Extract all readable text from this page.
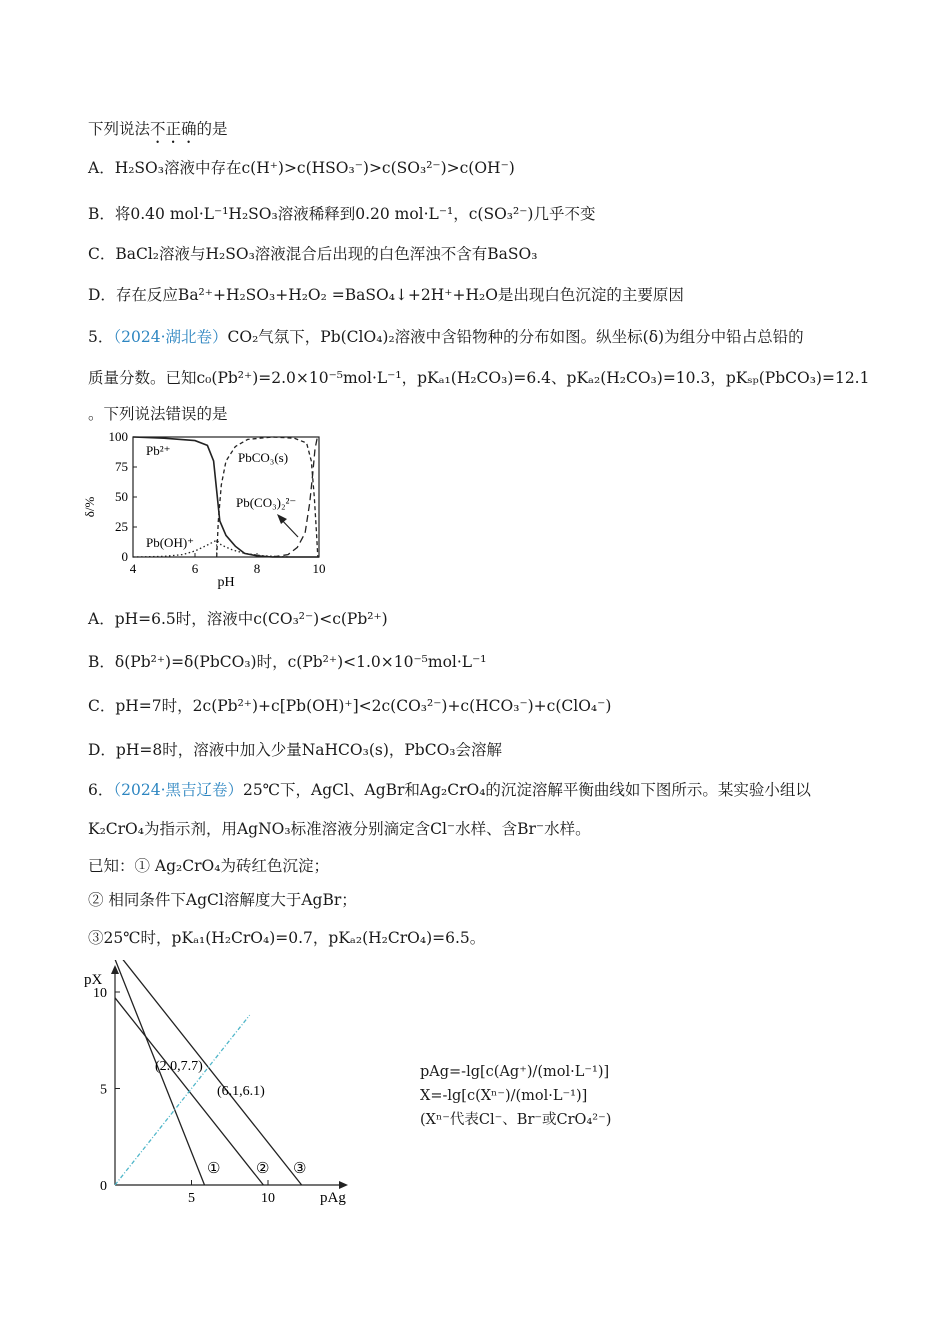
下列说法不正确的是
A．H₂SO₃溶液中存在c(H⁺)>c(HSO₃⁻)>c(SO₃²⁻)>c(OH⁻)
B．将0.40 mol·L⁻¹H₂SO₃溶液稀释到0.20 mol·L⁻¹，c(SO₃²⁻)几乎不变
C．BaCl₂溶液与H₂SO₃溶液混合后出现的白色浑浊不含有BaSO₃
D．存在反应Ba²⁺+H₂SO₃+H₂O₂ =BaSO₄↓+2H⁺+H₂O是出现白色沉淀的主要原因
5．（2024·湖北卷）CO₂气氛下，Pb(ClO₄)₂溶液中含铅物种的分布如图。纵坐标(δ)为组分中铅占总铅的
质量分数。已知c₀(Pb²⁺)=2.0×10⁻⁵mol·L⁻¹，pKₐ₁(H₂CO₃)=6.4、pKₐ₂(H₂CO₃)=10.3，pKₛₚ(PbCO₃)=12.1
。下列说法错误的是
A．pH=6.5时，溶液中c(CO₃²⁻)<c(Pb²⁺)
B．δ(Pb²⁺)=δ(PbCO₃)时，c(Pb²⁺)<1.0×10⁻⁵mol·L⁻¹
C．pH=7时，2c(Pb²⁺)+c[Pb(OH)⁺]<2c(CO₃²⁻)+c(HCO₃⁻)+c(ClO₄⁻)
D．pH=8时，溶液中加入少量NaHCO₃(s)，PbCO₃会溶解
6．（2024·黑吉辽卷）25℃下，AgCl、AgBr和Ag₂CrO₄的沉淀溶解平衡曲线如下图所示。某实验小组以
K₂CrO₄为指示剂，用AgNO₃标准溶液分别滴定含Cl⁻水样、含Br⁻水样。
已知：① Ag₂CrO₄为砖红色沉淀；
② 相同条件下AgCl溶解度大于AgBr；
③25℃时，pKₐ₁(H₂CrO₄)=0.7，pKₐ₂(H₂CrO₄)=6.5。
4	6	8	10
0
25
50
75
100
δ/%
pH
Pb²⁺	PbCO₃(s)
Pb(CO₃)₂²⁻
Pb(OH)⁺
5	10
0
5
10
pX
pAg
(2.0,7.7)
(6.1,6.1)
① ② ③
pAg=-lg[c(Ag⁺)/(mol·L⁻¹)]
X=-lg[c(Xⁿ⁻)/(mol·L⁻¹)]
(Xⁿ⁻代表Cl⁻、Br⁻或CrO₄²⁻)
